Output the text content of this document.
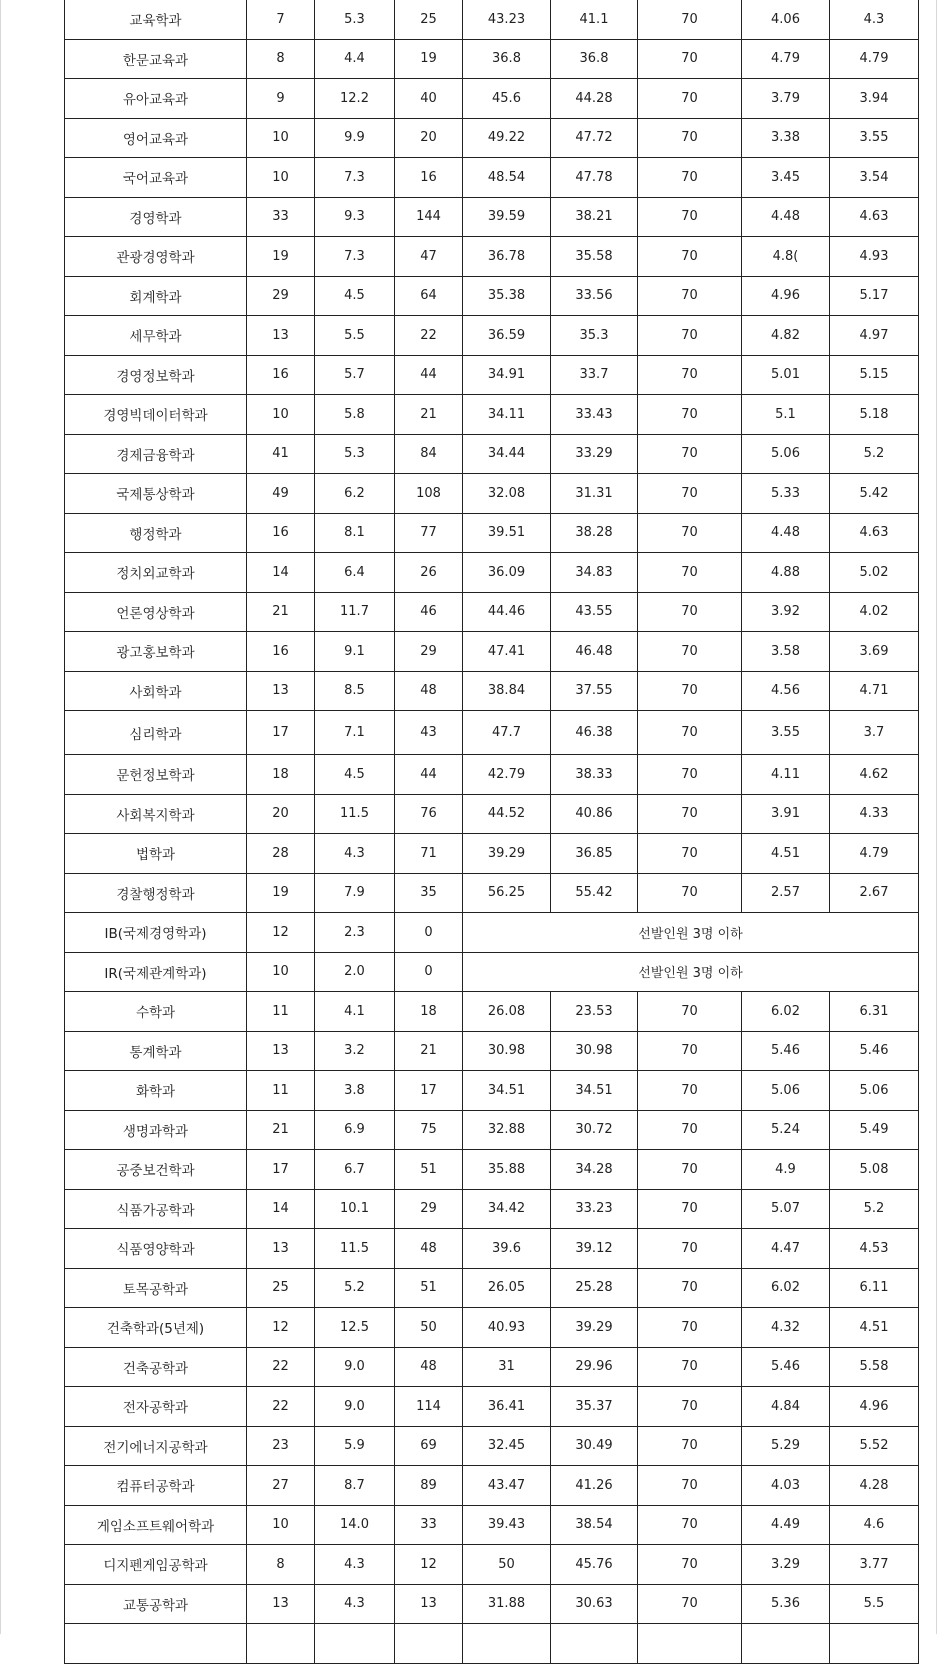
교육학과	7	5.3	25	43.23	41.1	70	4.06	4.3
한문교육과	8	4.4	19	36.8	36.8	70	4.79	4.79
유아교육과	9	12.2	40	45.6	44.28	70	3.79	3.94
영어교육과	10	9.9	20	49.22	47.72	70	3.38	3.55
국어교육과	10	7.3	16	48.54	47.78	70	3.45	3.54
경영학과	33	9.3	144	39.59	38.21	70	4.48	4.63
관광경영학과	19	7.3	47	36.78	35.58	70	4.8(	4.93
회계학과	29	4.5	64	35.38	33.56	70	4.96	5.17
세무학과	13	5.5	22	36.59	35.3	70	4.82	4.97
경영정보학과	16	5.7	44	34.91	33.7	70	5.01	5.15
경영빅데이터학과	10	5.8	21	34.11	33.43	70	5.1	5.18
경제금융학과	41	5.3	84	34.44	33.29	70	5.06	5.2
국제통상학과	49	6.2	108	32.08	31.31	70	5.33	5.42
행정학과	16	8.1	77	39.51	38.28	70	4.48	4.63
정치외교학과	14	6.4	26	36.09	34.83	70	4.88	5.02
언론영상학과	21	11.7	46	44.46	43.55	70	3.92	4.02
광고홍보학과	16	9.1	29	47.41	46.48	70	3.58	3.69
사회학과	13	8.5	48	38.84	37.55	70	4.56	4.71
심리학과	17	7.1	43	47.7	46.38	70	3.55	3.7
문헌정보학과	18	4.5	44	42.79	38.33	70	4.11	4.62
사회복지학과	20	11.5	76	44.52	40.86	70	3.91	4.33
법학과	28	4.3	71	39.29	36.85	70	4.51	4.79
경찰행정학과	19	7.9	35	56.25	55.42	70	2.57	2.67
IB(국제경영학과)	12	2.3	0	선발인원 3명 이하				
IR(국제관계학과)	10	2.0	0	선발인원 3명 이하				
수학과	11	4.1	18	26.08	23.53	70	6.02	6.31
통계학과	13	3.2	21	30.98	30.98	70	5.46	5.46
화학과	11	3.8	17	34.51	34.51	70	5.06	5.06
생명과학과	21	6.9	75	32.88	30.72	70	5.24	5.49
공중보건학과	17	6.7	51	35.88	34.28	70	4.9	5.08
식품가공학과	14	10.1	29	34.42	33.23	70	5.07	5.2
식품영양학과	13	11.5	48	39.6	39.12	70	4.47	4.53
토목공학과	25	5.2	51	26.05	25.28	70	6.02	6.11
건축학과(5년제)	12	12.5	50	40.93	39.29	70	4.32	4.51
건축공학과	22	9.0	48	31	29.96	70	5.46	5.58
전자공학과	22	9.0	114	36.41	35.37	70	4.84	4.96
전기에너지공학과	23	5.9	69	32.45	30.49	70	5.29	5.52
컴퓨터공학과	27	8.7	89	43.47	41.26	70	4.03	4.28
게임소프트웨어학과	10	14.0	33	39.43	38.54	70	4.49	4.6
디지펜게임공학과	8	4.3	12	50	45.76	70	3.29	3.77
교통공학과	13	4.3	13	31.88	30.63	70	5.36	5.5
